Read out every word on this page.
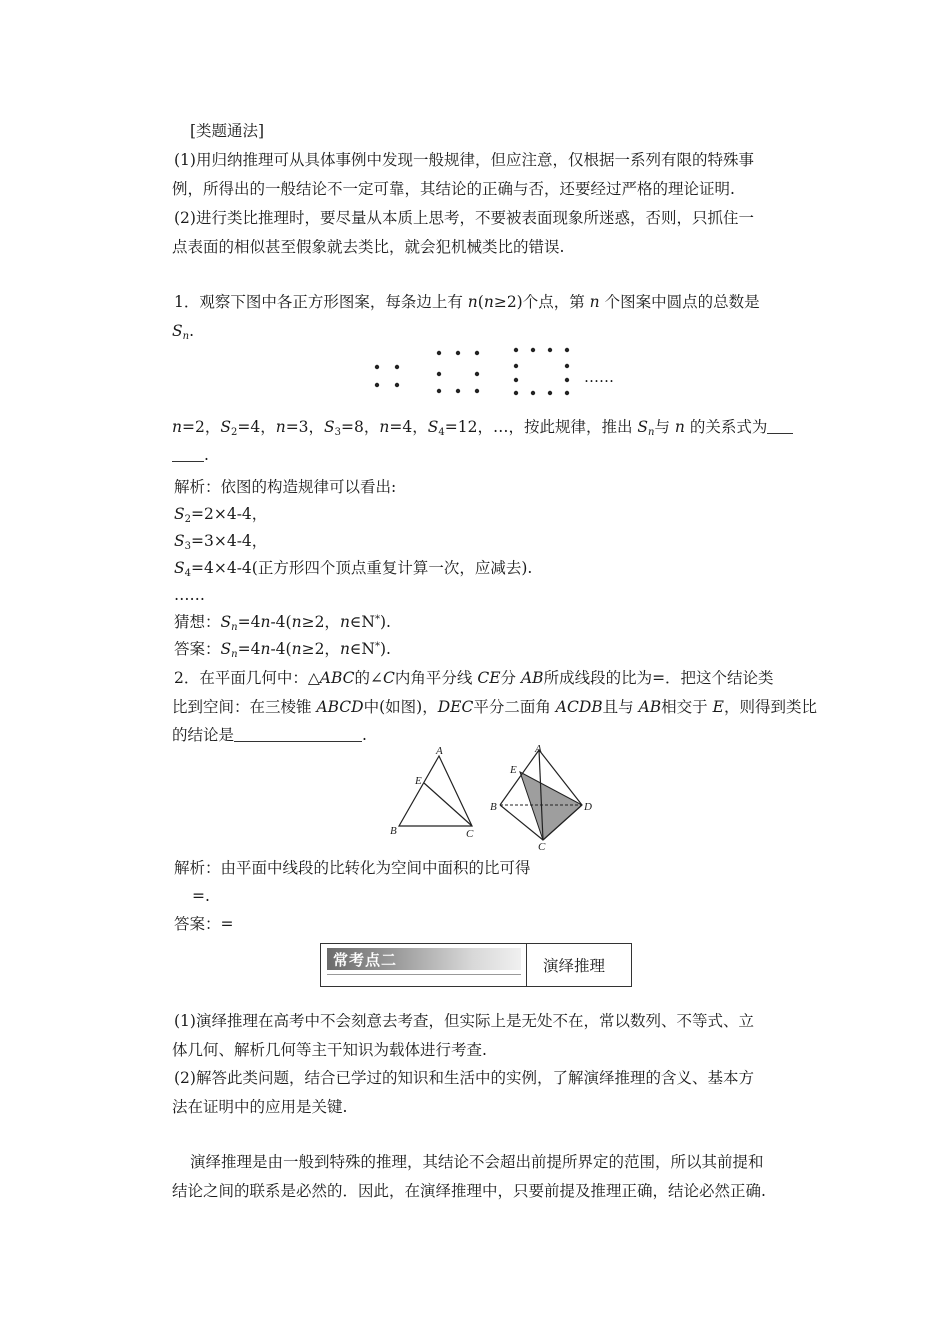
[类题通法]
(1)用归纳推理可从具体事例中发现一般规律，但应注意，仅根据一系列有限的特殊事
例，所得出的一般结论不一定可靠，其结论的正确与否，还要经过严格的理论证明.
(2)进行类比推理时，要尽量从本质上思考，不要被表面现象所迷惑，否则，只抓住一
点表面的相似甚至假象就去类比，就会犯机械类比的错误.
1．观察下图中各正方形图案，每条边上有 n(n≥2)个点，第 n 个图案中圆点的总数是
$S_n$.
……
n=2，$S_2=4$，n=3，$S_3=8$，n=4，$S_4=12$，…，按此规律，推出 $S_n$与 n 的关系式为
.
解析：依图的构造规律可以看出:
$S_2=2\times 4-4$，
$S_3=3\times 4-4$，
$S_4=4\times 4-4$(正方形四个顶点重复计算一次，应减去).
……
猜想：$S_n=4n-4(n\ge 2$，n∈N*).
答案：$S_n=4n-4(n\ge 2$，n∈N*).
2．在平面几何中：△ABC的∠C内角平分线 CE分 AB所成线段的比为=．把这个结论类
比到空间：在三棱锥 ABCD中(如图)，DEC平分二面角 ACDB且与 AB相交于 E，则得到类比
的结论是	.
A
E
B	C
A
E
B	D
C
解析：由平面中线段的比转化为空间中面积的比可得
=.
答案：=
常考点二	演绎推理
(1)演绎推理在高考中不会刻意去考查，但实际上是无处不在，常以数列、不等式、立
体几何、解析几何等主干知识为载体进行考查.
(2)解答此类问题，结合已学过的知识和生活中的实例，了解演绎推理的含义、基本方
法在证明中的应用是关键.
演绎推理是由一般到特殊的推理，其结论不会超出前提所界定的范围，所以其前提和
结论之间的联系是必然的．因此，在演绎推理中，只要前提及推理正确，结论必然正确.
